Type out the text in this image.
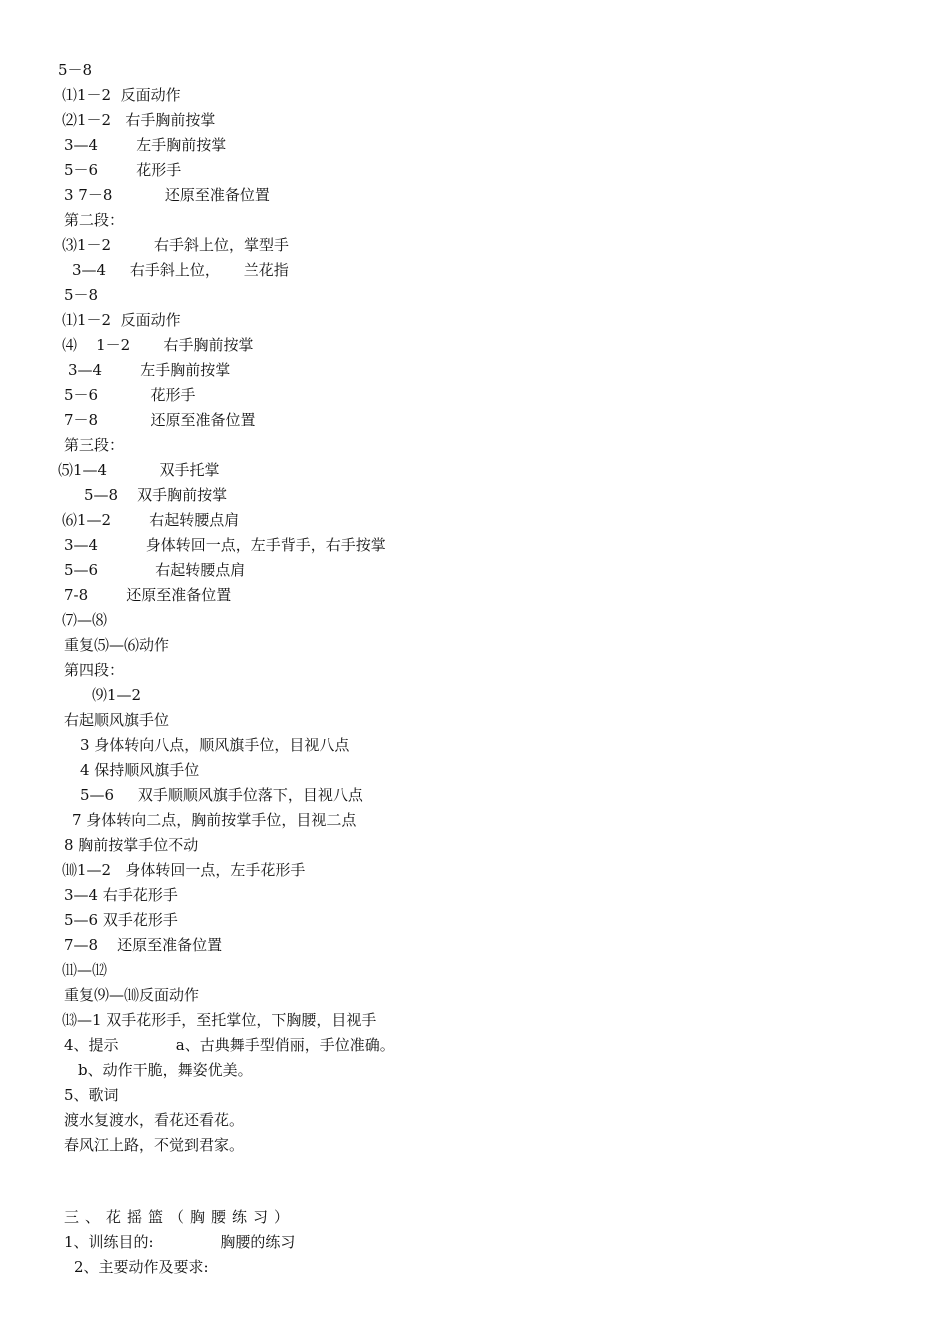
5－8
⑴1－2  反面动作
⑵1－2   右手胸前按掌
3—4        左手胸前按掌
5－6        花形手
3 7－8           还原至准备位置
第二段：
⑶1－2         右手斜上位，掌型手
3—4     右手斜上位，     兰花指
5－8
⑴1－2  反面动作
⑷    1－2       右手胸前按掌
3—4        左手胸前按掌
5－6           花形手
7－8           还原至准备位置
第三段：
⑸1—4           双手托掌
5—8    双手胸前按掌
⑹1—2        右起转腰点肩
3—4          身体转回一点，左手背手，右手按掌
5—6            右起转腰点肩
7-8        还原至准备位置
⑺—⑻
重复⑸—⑹动作
第四段：
⑼1—2
右起顺风旗手位
3 身体转向八点，顺风旗手位，目视八点
4 保持顺风旗手位
5—6     双手顺顺风旗手位落下，目视八点
7 身体转向二点，胸前按掌手位，目视二点
8 胸前按掌手位不动
⑽1—2   身体转回一点，左手花形手
3—4 右手花形手
5—6 双手花形手
7—8    还原至准备位置
⑾—⑿
重复⑼—⑽反面动作
⒀—1 双手花形手，至托掌位，下胸腰，目视手
4、提示            a、古典舞手型俏丽，手位准确。
b、动作干脆，舞姿优美。
5、歌词
渡水复渡水，看花还看花。
春风江上路，不觉到君家。
三、花摇篮（胸腰练习）
1、训练目的:              胸腰的练习
2、主要动作及要求:
